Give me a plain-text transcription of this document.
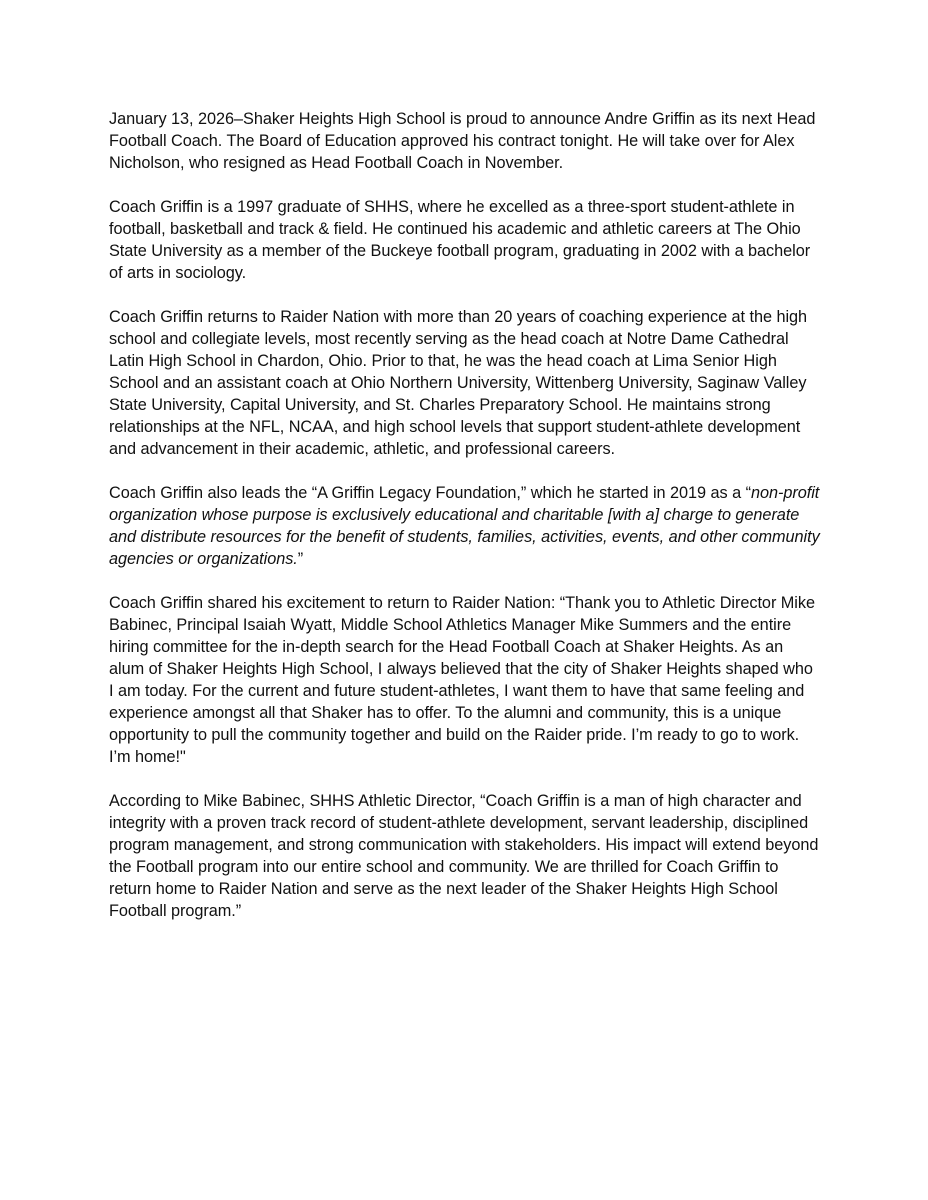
January 13, 2026–Shaker Heights High School is proud to announce Andre Griffin as its next Head Football Coach. The Board of Education approved his contract tonight. He will take over for Alex Nicholson, who resigned as Head Football Coach in November.

Coach Griffin is a 1997 graduate of SHHS, where he excelled as a three-sport student-athlete in football, basketball and track & field. He continued his academic and athletic careers at The Ohio State University as a member of the Buckeye football program, graduating in 2002 with a bachelor of arts in sociology.

Coach Griffin returns to Raider Nation with more than 20 years of coaching experience at the high school and collegiate levels, most recently serving as the head coach at Notre Dame Cathedral Latin High School in Chardon, Ohio. Prior to that, he was the head coach at Lima Senior High School and an assistant coach at Ohio Northern University, Wittenberg University, Saginaw Valley State University, Capital University, and St. Charles Preparatory School. He maintains strong relationships at the NFL, NCAA, and high school levels that support student-athlete development and advancement in their academic, athletic, and professional careers.

Coach Griffin also leads the “A Griffin Legacy Foundation,” which he started in 2019 as a “non-profit organization whose purpose is exclusively educational and charitable [with a] charge to generate and distribute resources for the benefit of students, families, activities, events, and other community agencies or organizations.”

Coach Griffin shared his excitement to return to Raider Nation: “Thank you to Athletic Director Mike Babinec, Principal Isaiah Wyatt, Middle School Athletics Manager Mike Summers and the entire hiring committee for the in-depth search for the Head Football Coach at Shaker Heights. As an alum of Shaker Heights High School, I always believed that the city of Shaker Heights shaped who I am today. For the current and future student-athletes, I want them to have that same feeling and experience amongst all that Shaker has to offer. To the alumni and community, this is a unique opportunity to pull the community together and build on the Raider pride. I’m ready to go to work. I’m home!"

According to Mike Babinec, SHHS Athletic Director, “Coach Griffin is a man of high character and integrity with a proven track record of student-athlete development, servant leadership, disciplined program management, and strong communication with stakeholders. His impact will extend beyond the Football program into our entire school and community. We are thrilled for Coach Griffin to return home to Raider Nation and serve as the next leader of the Shaker Heights High School Football program.”
